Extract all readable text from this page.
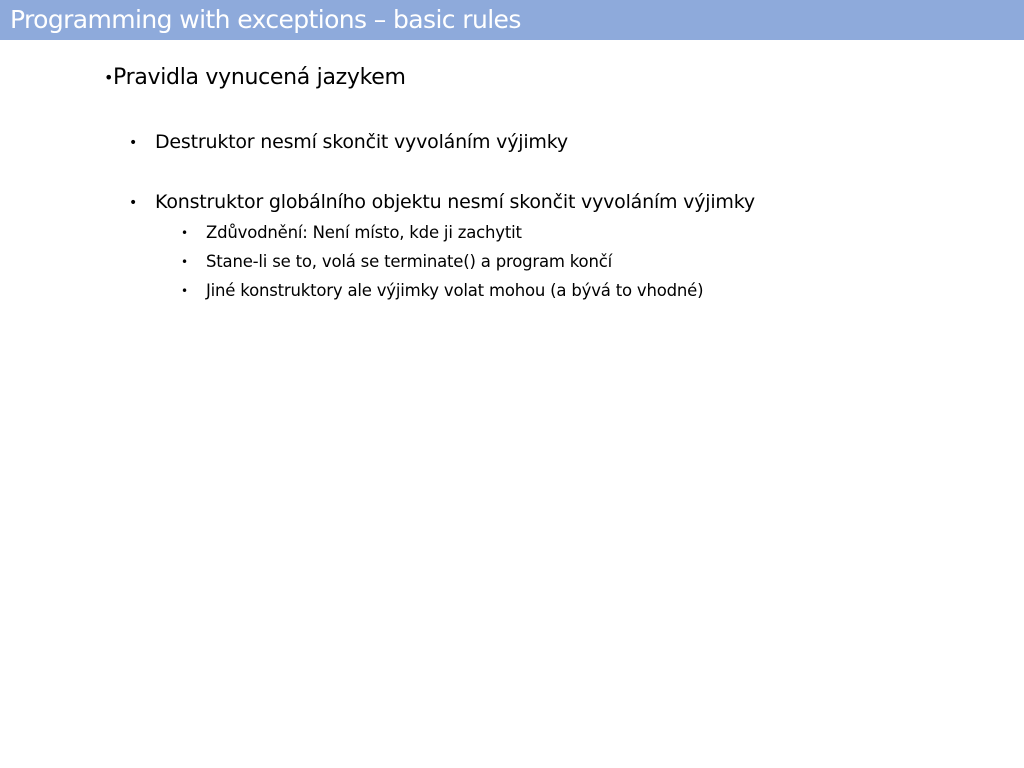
Programming with exceptions – basic rules
• Pravidla vynucená jazykem
• Destruktor nesmí skončit vyvoláním výjimky
• Konstruktor globálního objektu nesmí skončit vyvoláním výjimky
• Zdůvodnění: Není místo, kde ji zachytit
• Stane-li se to, volá se terminate() a program končí
• Jiné konstruktory ale výjimky volat mohou (a bývá to vhodné)
